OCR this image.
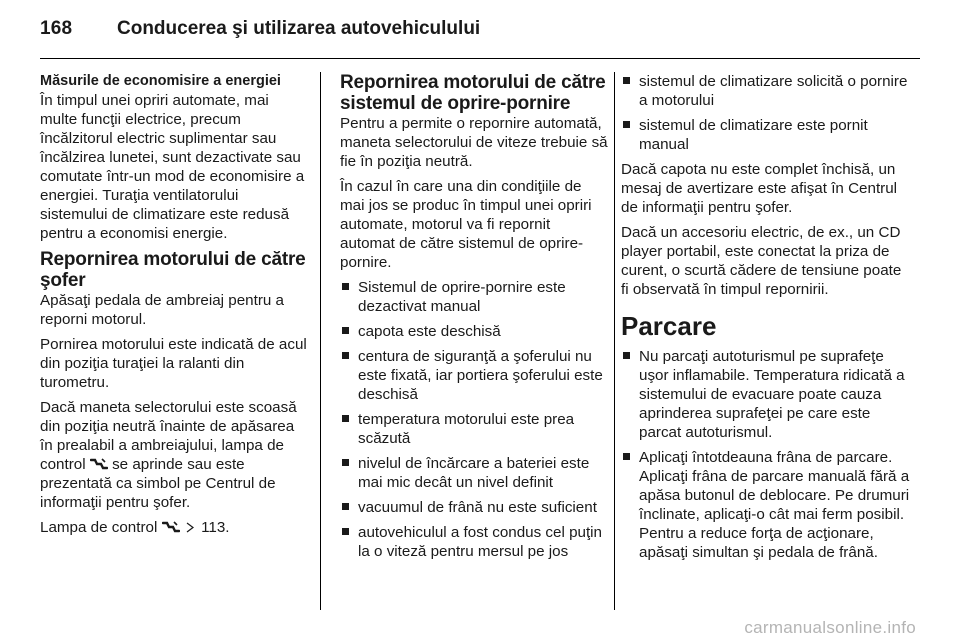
168 Conducerea şi utilizarea autovehiculului
Măsurile de economisire a energiei

În timpul unei opriri automate, mai multe funcţii electrice, precum încălzitorul electric suplimentar sau încălzirea lunetei, sunt dezactivate sau comutate într-un mod de economisire a energiei. Turaţia ventilatorului sistemului de climatizare este redusă pentru a economisi energie.

Repornirea motorului de către şofer

Apăsaţi pedala de ambreiaj pentru a reporni motorul.

Pornirea motorului este indicată de acul din poziţia turaţiei la ralanti din turometru.

Dacă maneta selectorului este scoasă din poziţia neutră înainte de apăsarea în prealabil a ambreiajului, lampa de control se aprinde sau este prezentată ca simbol pe Centrul de informaţii pentru şofer.

Lampa de control	113.

Repornirea motorului de către sistemul de oprire-pornire

Pentru a permite o repornire automată, maneta selectorului de viteze trebuie să fie în poziţia neutră.

În cazul în care una din condiţiile de mai jos se produc în timpul unei opriri automate, motorul va fi repornit automat de către sistemul de oprire-pornire.

Sistemul de oprire-pornire este dezactivat manual
capota este deschisă
centura de siguranţă a şoferului nu este fixată, iar portiera şoferului este deschisă
temperatura motorului este prea scăzută
nivelul de încărcare a bateriei este mai mic decât un nivel definit
vacuumul de frână nu este suficient
autovehiculul a fost condus cel puţin la o viteză pentru mersul pe jos
sistemul de climatizare solicită o pornire a motorului
sistemul de climatizare este pornit manual

Dacă capota nu este complet închisă, un mesaj de avertizare este afişat în Centrul de informaţii pentru şofer.

Dacă un accesoriu electric, de ex., un CD player portabil, este conectat la priza de curent, o scurtă cădere de tensiune poate fi observată în timpul repornirii.

Parcare
Nu parcaţi autoturismul pe suprafeţe uşor inflamabile. Temperatura ridicată a sistemului de evacuare poate cauza aprinderea suprafeţei pe care este parcat autoturismul.
Aplicaţi întotdeauna frâna de parcare. Aplicaţi frâna de parcare manuală fără a apăsa butonul de deblocare. Pe drumuri înclinate, aplicaţi-o cât mai ferm posibil. Pentru a reduce forţa de acţionare, apăsaţi simultan şi pedala de frână.
carmanualsonline.info
